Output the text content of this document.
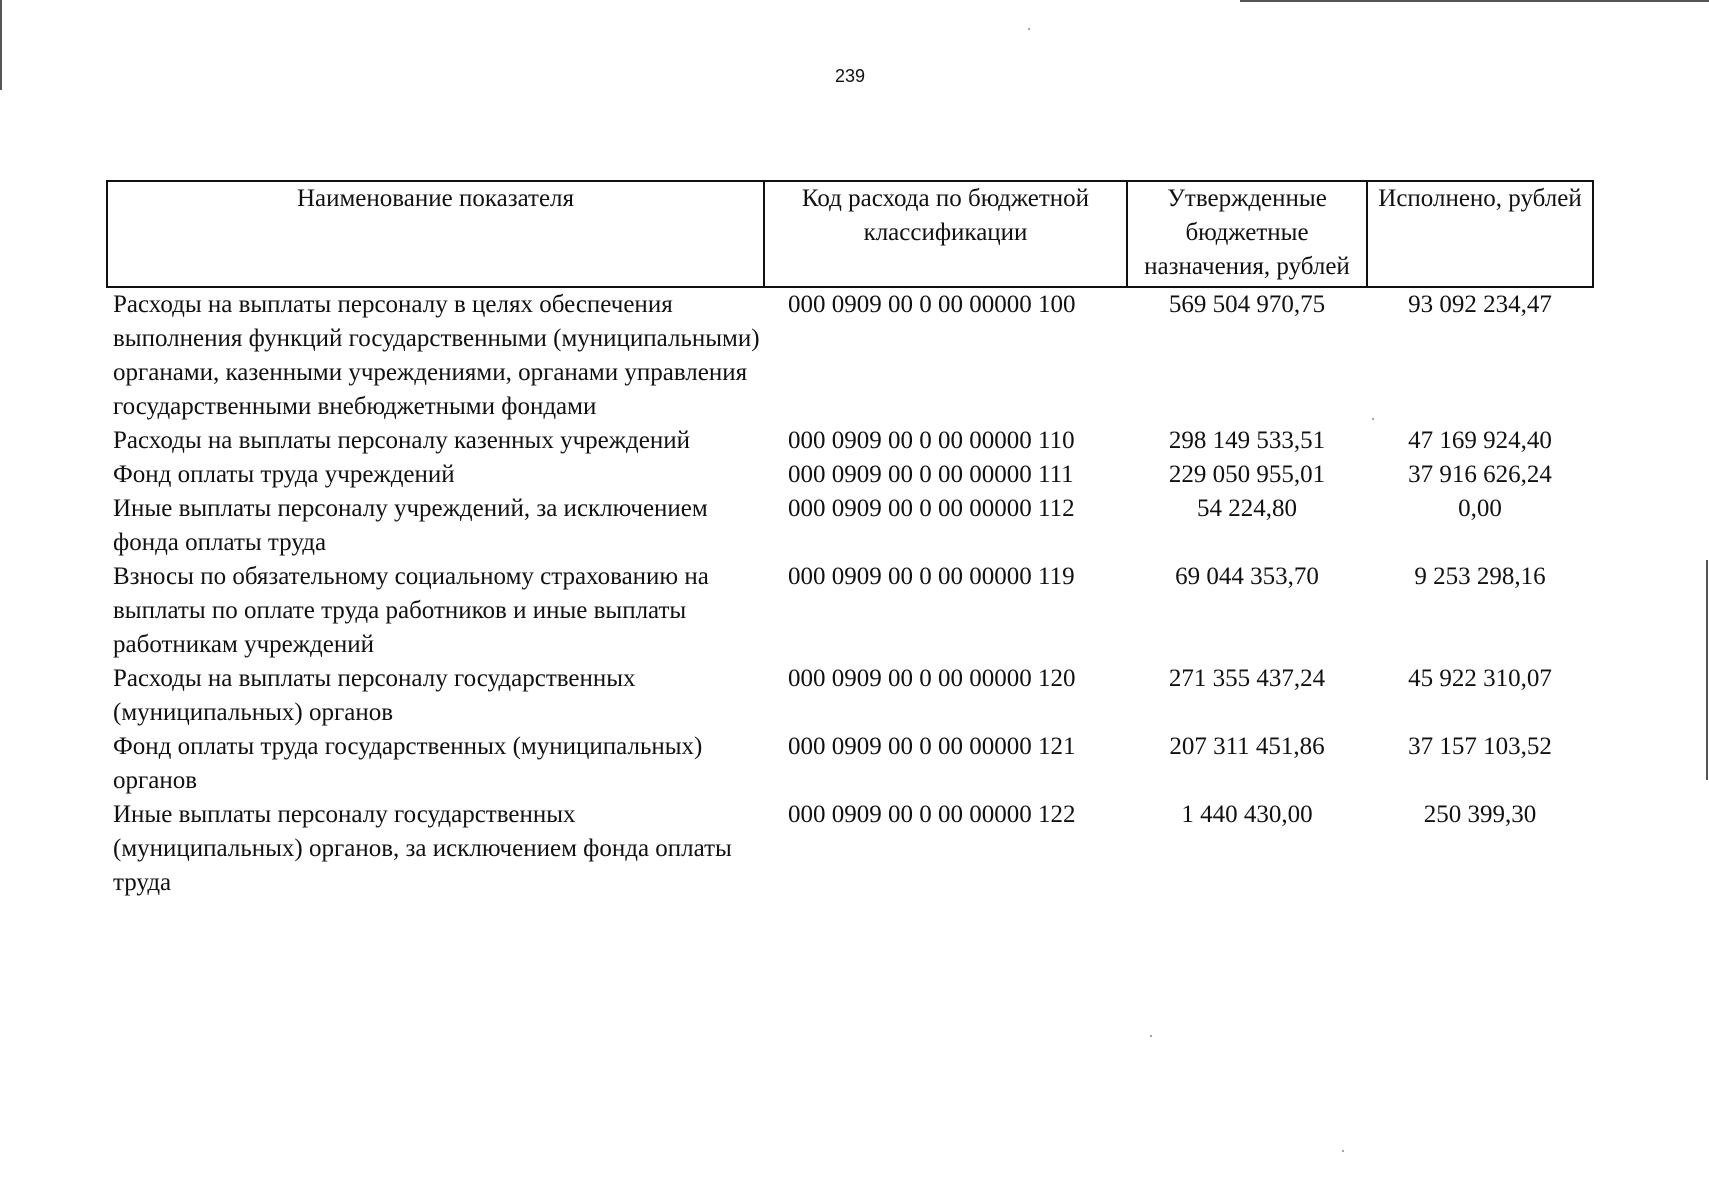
239
Наименование показателя	Код расхода по бюджетной классификации	Утвержденные бюджетные назначения, рублей	Исполнено, рублей
Расходы на выплаты персоналу в целях обеспечения выполнения функций государственными (муниципальными) органами, казенными учреждениями, органами управления государственными внебюджетными фондами	000 0909 00 0 00 00000 100	569 504 970,75	93 092 234,47
Расходы на выплаты персоналу казенных учреждений	000 0909 00 0 00 00000 110	298 149 533,51	47 169 924,40
Фонд оплаты труда учреждений	000 0909 00 0 00 00000 111	229 050 955,01	37 916 626,24
Иные выплаты персоналу учреждений, за исключением фонда оплаты труда	000 0909 00 0 00 00000 112	54 224,80	0,00
Взносы по обязательному социальному страхованию на выплаты по оплате труда работников и иные выплаты работникам учреждений	000 0909 00 0 00 00000 119	69 044 353,70	9 253 298,16
Расходы на выплаты персоналу государственных (муниципальных) органов	000 0909 00 0 00 00000 120	271 355 437,24	45 922 310,07
Фонд оплаты труда государственных (муниципальных) органов	000 0909 00 0 00 00000 121	207 311 451,86	37 157 103,52
Иные выплаты персоналу государственных (муниципальных) органов, за исключением фонда оплаты труда	000 0909 00 0 00 00000 122	1 440 430,00	250 399,30
